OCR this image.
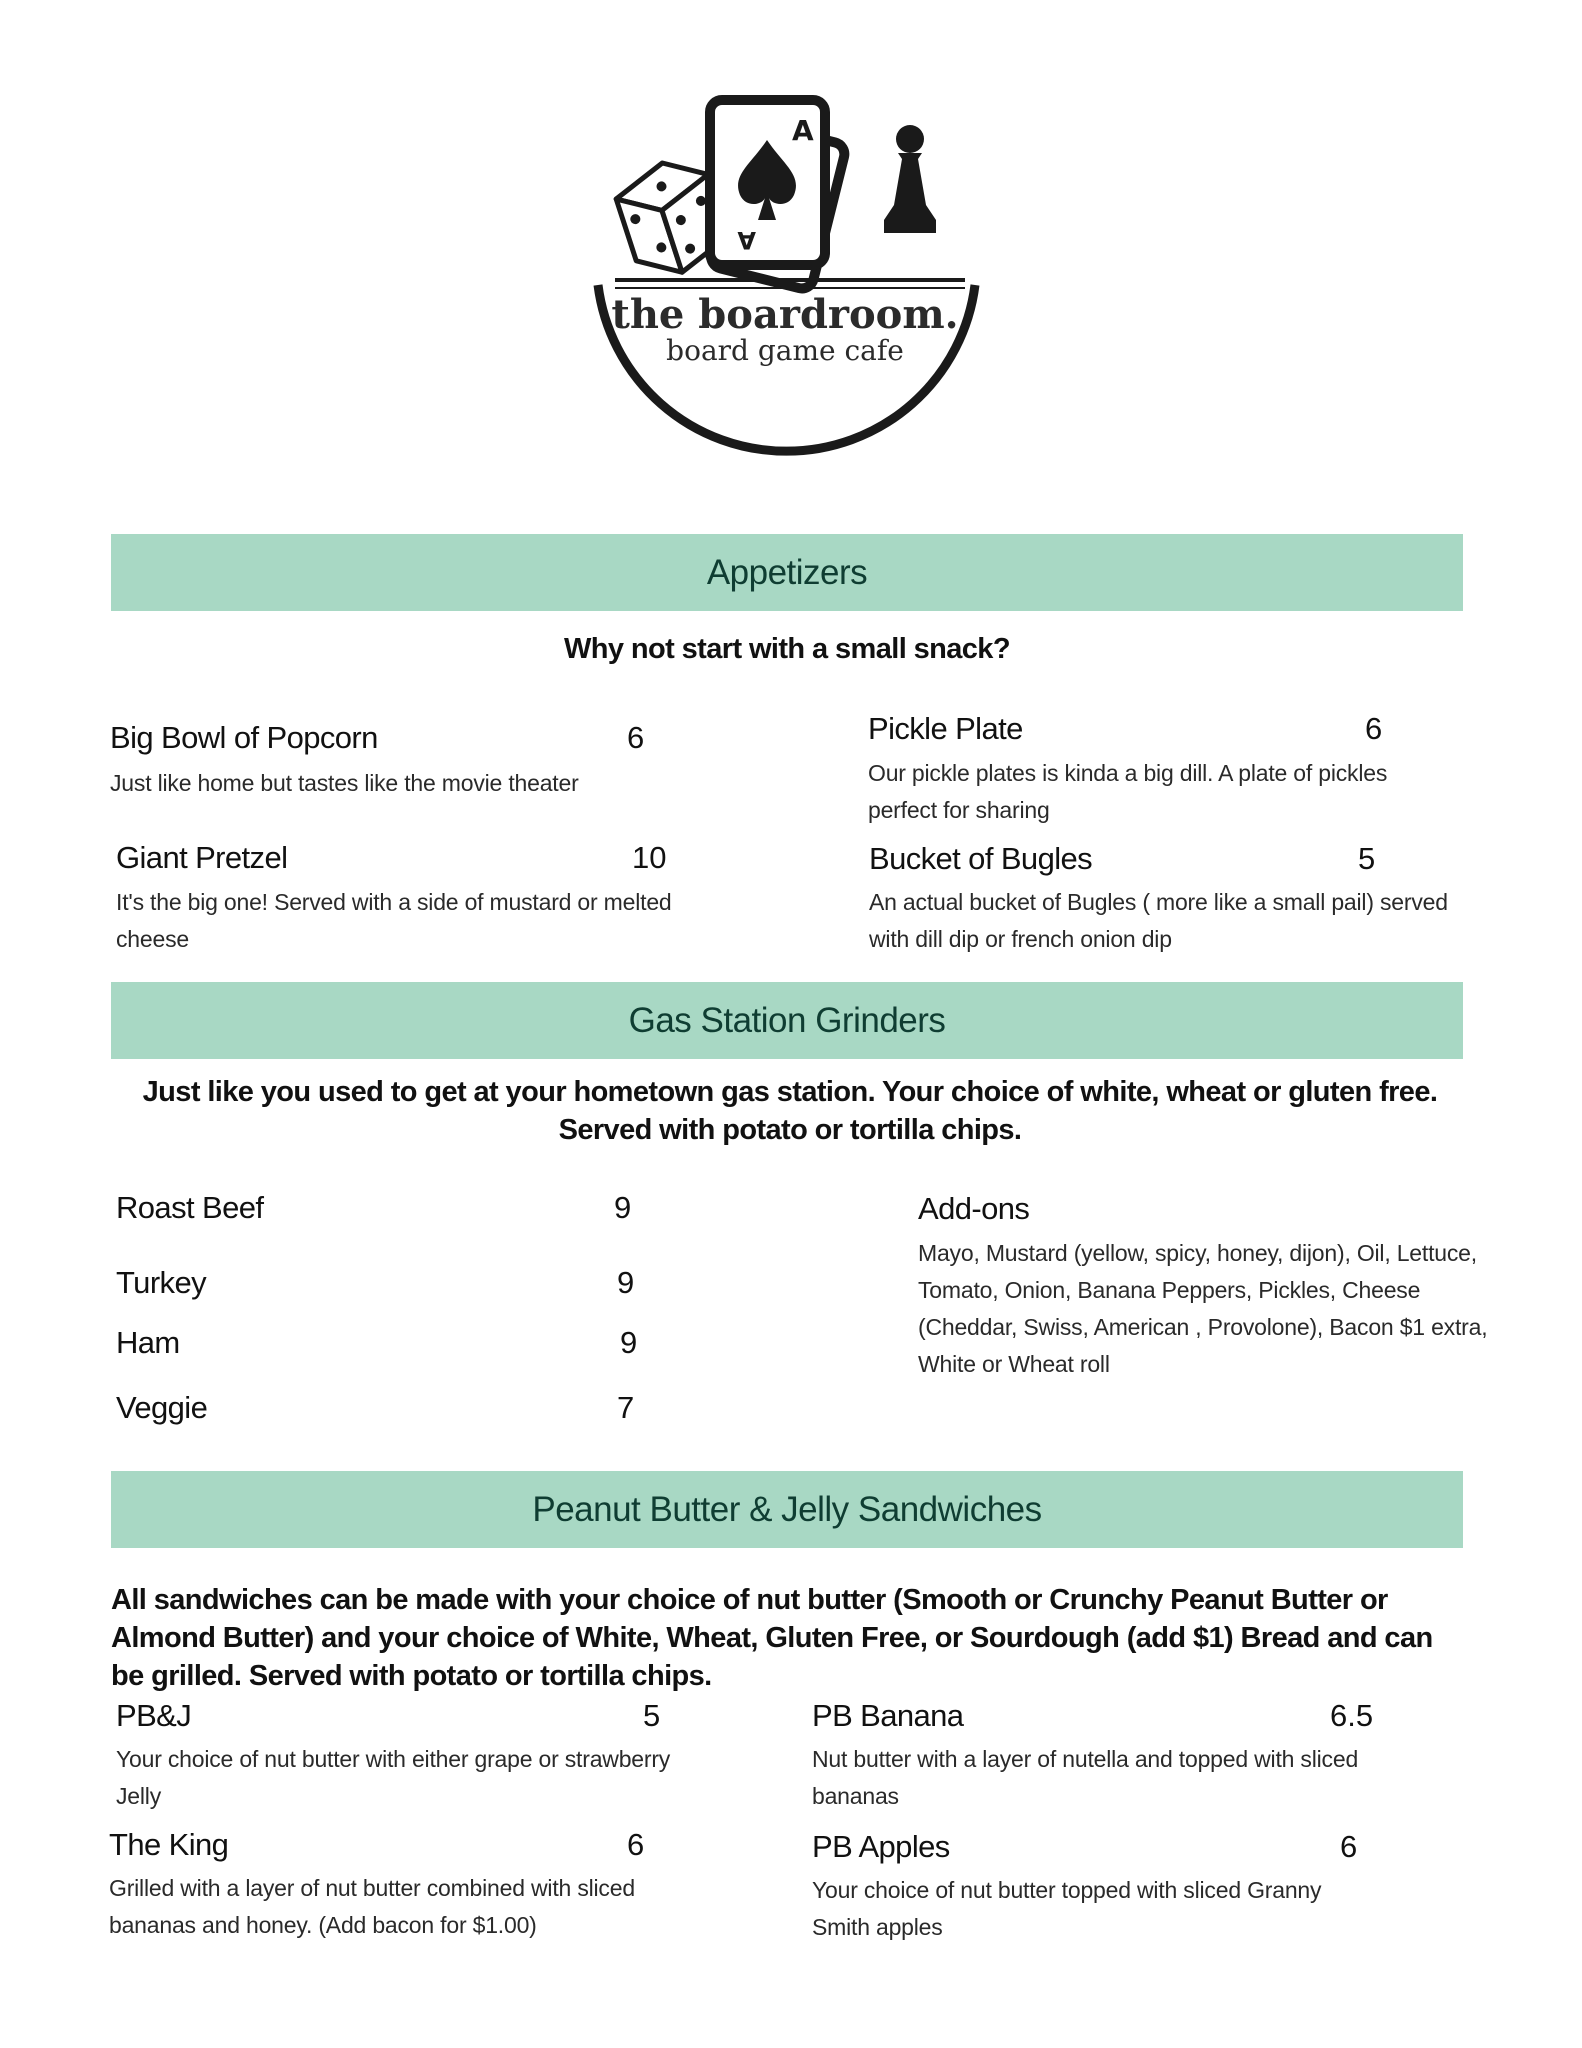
A
A
the boardroom.
board game cafe
Appetizers
Why not start with a small snack?
Big Bowl of Popcorn	6
Just like home but tastes like the movie theater
Pickle Plate	6
Our pickle plates is kinda a big dill. A plate of pickles perfect for sharing
Giant Pretzel	10
It's the big one! Served with a side of mustard or melted cheese
Bucket of Bugles	5
An actual bucket of Bugles ( more like a small pail) served with dill dip or french onion dip
Gas Station Grinders
Just like you used to get at your hometown gas station. Your choice of white, wheat or gluten free. Served with potato or tortilla chips.
Roast Beef	9
Turkey	9
Ham	9
Veggie	7
Add-ons
Mayo, Mustard (yellow, spicy, honey, dijon), Oil, Lettuce, Tomato, Onion, Banana Peppers, Pickles, Cheese (Cheddar, Swiss, American , Provolone), Bacon $1 extra, White or Wheat roll
Peanut Butter & Jelly Sandwiches
All sandwiches can be made with your choice of nut butter (Smooth or Crunchy Peanut Butter or Almond Butter) and your choice of White, Wheat, Gluten Free, or Sourdough (add $1) Bread and can be grilled. Served with potato or tortilla chips.
PB&J	5
Your choice of nut butter with either grape or strawberry Jelly
PB Banana	6.5
Nut butter with a layer of nutella and topped with sliced bananas
The King	6
Grilled with a layer of nut butter combined with sliced bananas and honey. (Add bacon for $1.00)
PB Apples	6
Your choice of nut butter topped with sliced Granny Smith apples
